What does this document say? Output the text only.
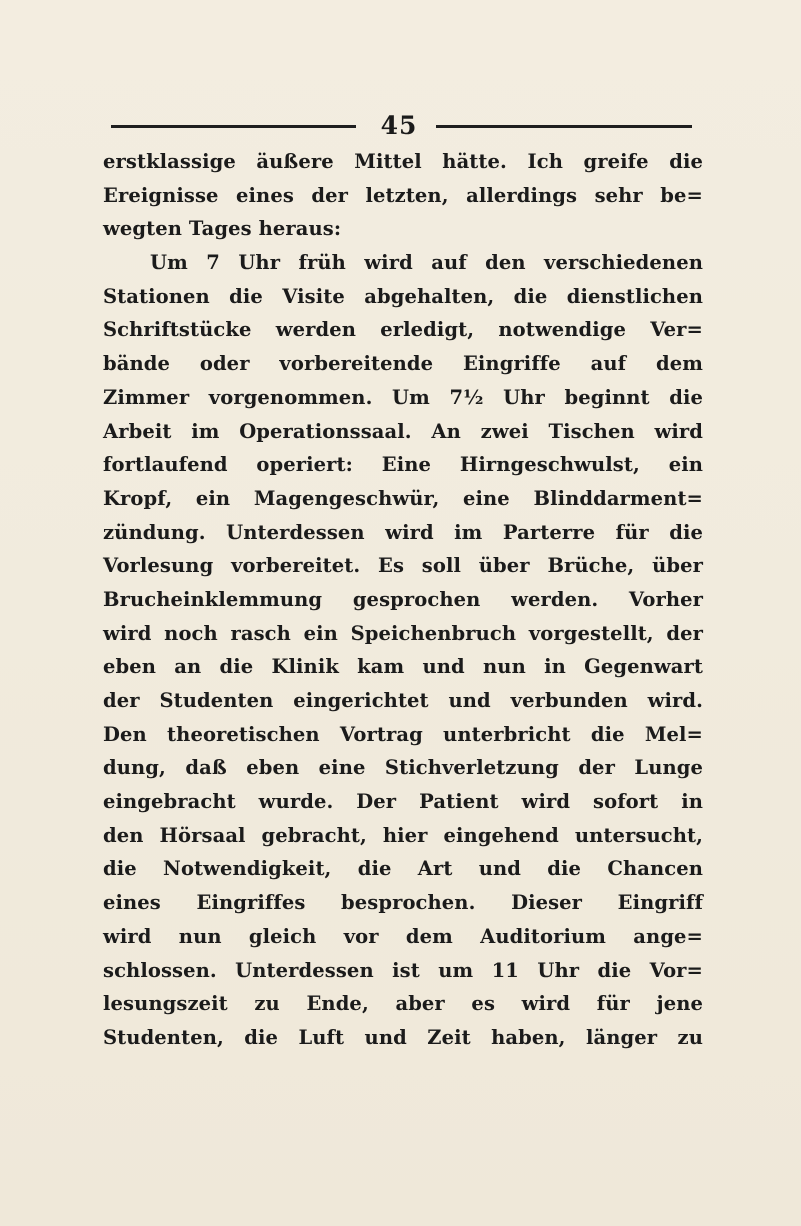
45
erstklassige äußere Mittel hätte. Ich greife die
Ereignisse eines der letzten, allerdings sehr be=
wegten Tages heraus:
Um 7 Uhr früh wird auf den verschiedenen
Stationen die Visite abgehalten, die dienstlichen
Schriftstücke werden erledigt, notwendige Ver=
bände oder vorbereitende Eingriffe auf dem
Zimmer vorgenommen. Um 7½ Uhr beginnt die
Arbeit im Operationssaal. An zwei Tischen wird
fortlaufend operiert: Eine Hirngeschwulst, ein
Kropf, ein Magengeschwür, eine Blinddarment=
zündung. Unterdessen wird im Parterre für die
Vorlesung vorbereitet. Es soll über Brüche, über
Brucheinklemmung gesprochen werden. Vorher
wird noch rasch ein Speichenbruch vorgestellt, der
eben an die Klinik kam und nun in Gegenwart
der Studenten eingerichtet und verbunden wird.
Den theoretischen Vortrag unterbricht die Mel=
dung, daß eben eine Stichverletzung der Lunge
eingebracht wurde. Der Patient wird sofort in
den Hörsaal gebracht, hier eingehend untersucht,
die Notwendigkeit, die Art und die Chancen
eines Eingriffes besprochen. Dieser Eingriff
wird nun gleich vor dem Auditorium ange=
schlossen. Unterdessen ist um 11 Uhr die Vor=
lesungszeit zu Ende, aber es wird für jene
Studenten, die Luft und Zeit haben, länger zu
